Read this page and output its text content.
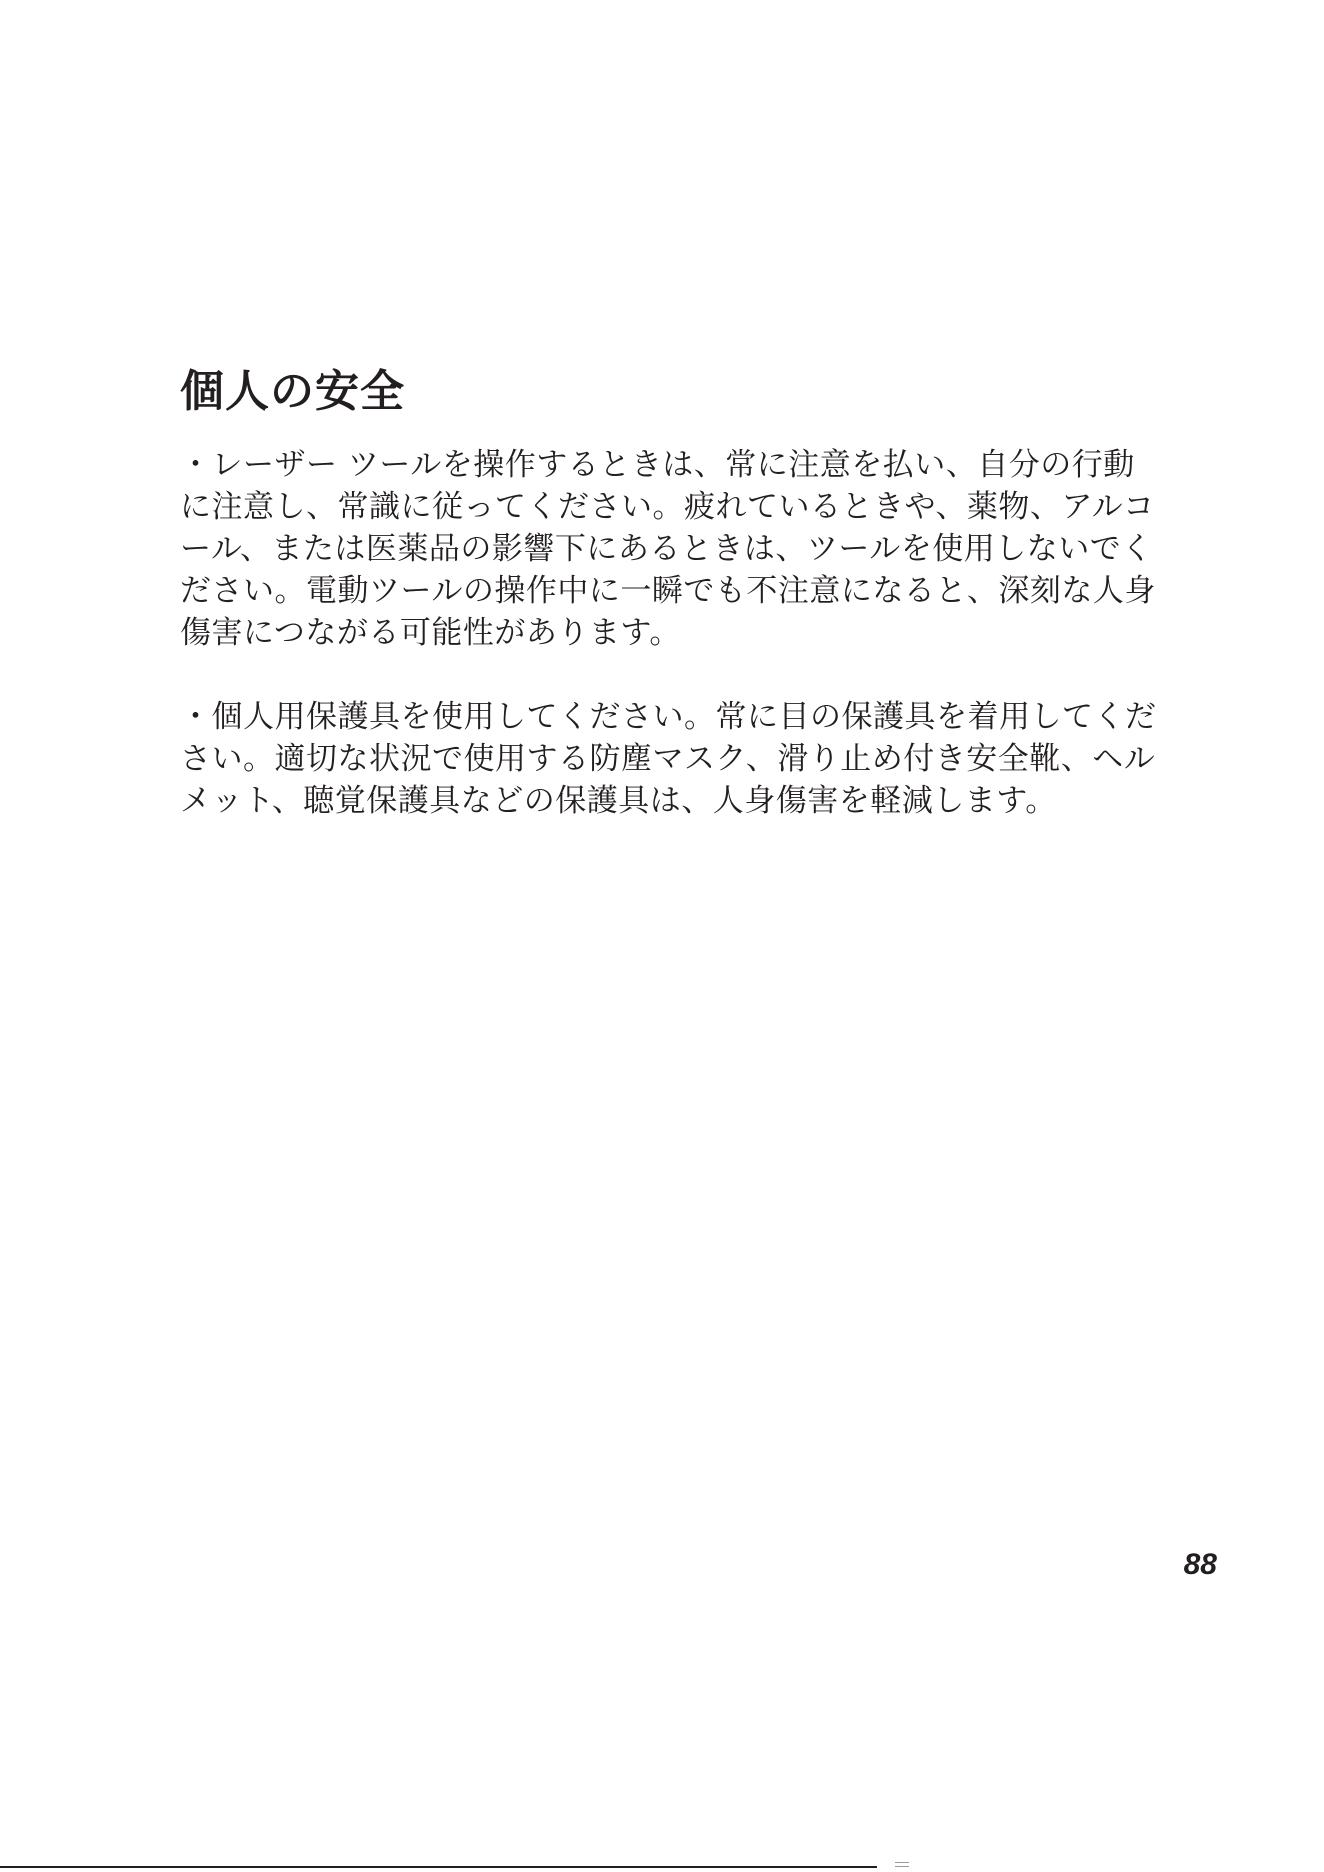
個人の安全

・レーザー ツールを操作するときは、常に注意を払い、自分の行動に注意し、常識に従ってください。疲れているときや、薬物、アルコール、または医薬品の影響下にあるときは、ツールを使用しないでください。電動ツールの操作中に一瞬でも不注意になると、深刻な人身傷害につながる可能性があります。

・個人用保護具を使用してください。常に目の保護具を着用してください。適切な状況で使用する防塵マスク、滑り止め付き安全靴、ヘルメット、聴覚保護具などの保護具は、人身傷害を軽減します。

88
